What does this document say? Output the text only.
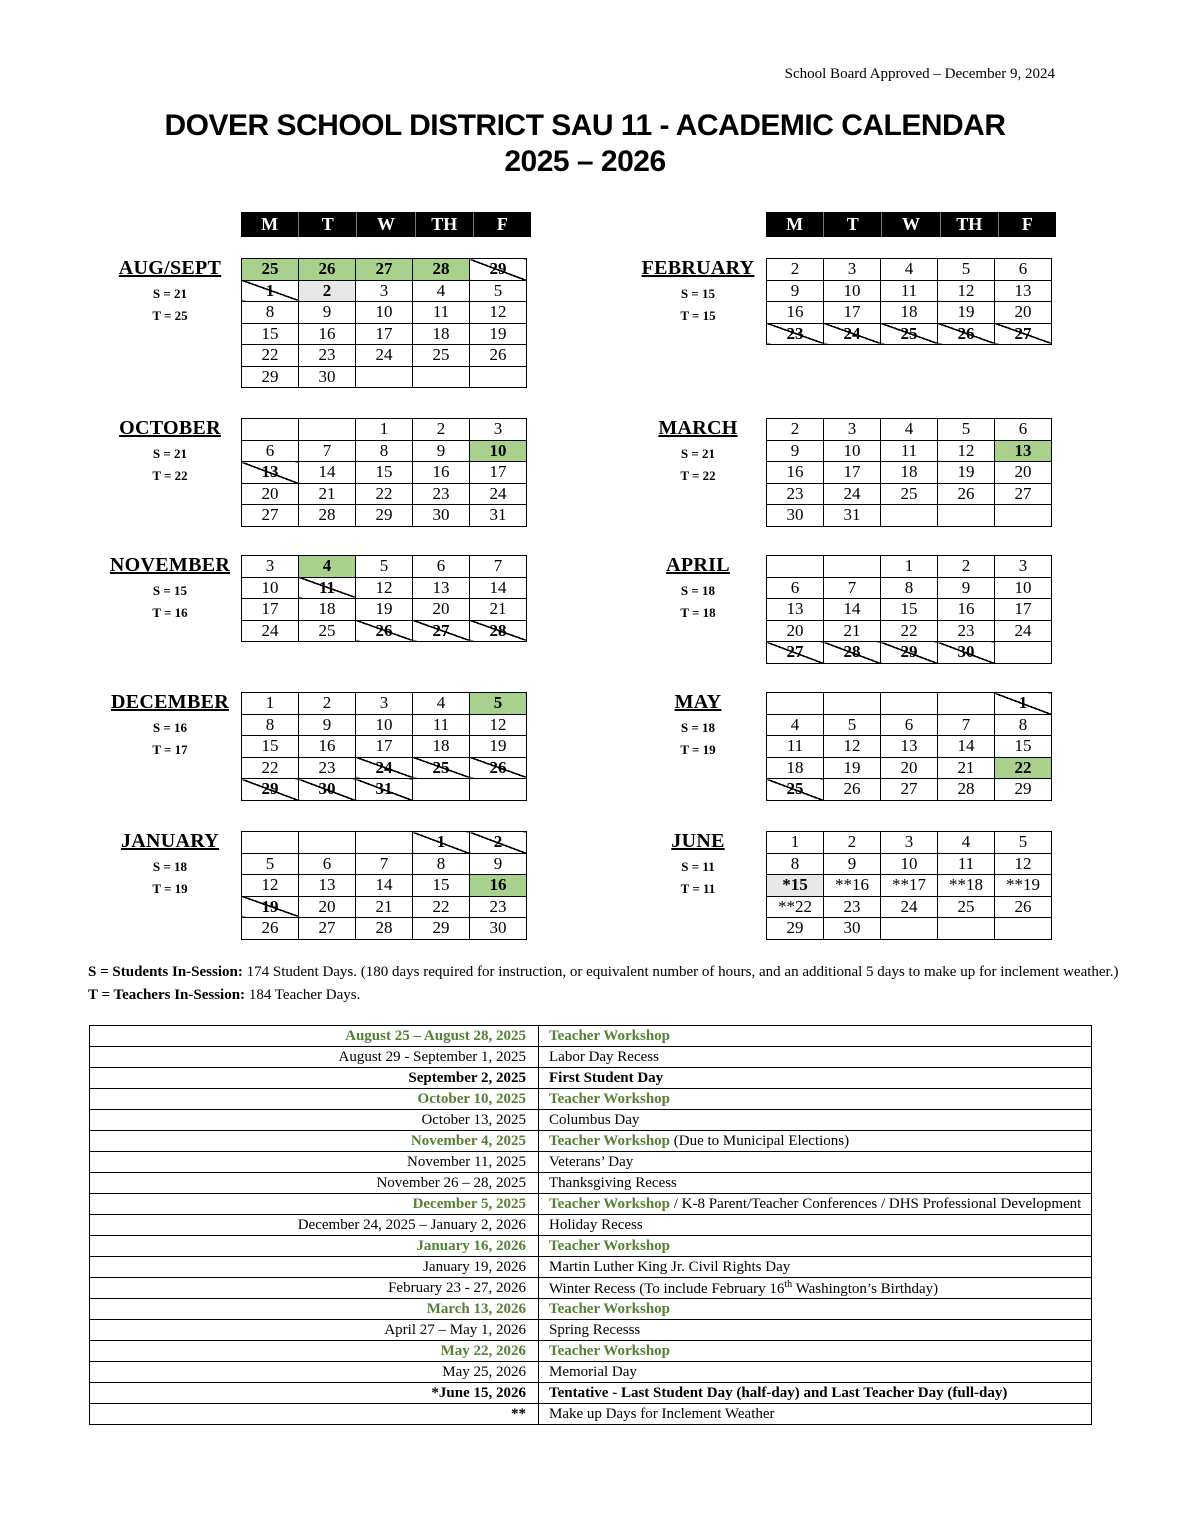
School Board Approved – December 9, 2024
DOVER SCHOOL DISTRICT SAU 11 - ACADEMIC CALENDAR
2025 – 2026
M	T	W	TH	F	M	T	W	TH	F
AUG/SEPT
S = 21
T = 25
25	26	27	28	29
1	2	3	4	5
8	9	10	11	12
15	16	17	18	19
22	23	24	25	26
29	30			
OCTOBER
S = 21
T = 22
		1	2	3
6	7	8	9	10
13	14	15	16	17
20	21	22	23	24
27	28	29	30	31
NOVEMBER
S = 15
T = 16
3	4	5	6	7
10	11	12	13	14
17	18	19	20	21
24	25	26	27	28
DECEMBER
S = 16
T = 17
1	2	3	4	5
8	9	10	11	12
15	16	17	18	19
22	23	24	25	26
29	30	31		
JANUARY
S = 18
T = 19
			1	2
5	6	7	8	9
12	13	14	15	16
19	20	21	22	23
26	27	28	29	30
FEBRUARY
S = 15
T = 15
2	3	4	5	6
9	10	11	12	13
16	17	18	19	20
23	24	25	26	27
MARCH
S = 21
T = 22
2	3	4	5	6
9	10	11	12	13
16	17	18	19	20
23	24	25	26	27
30	31			
APRIL
S = 18
T = 18
		1	2	3
6	7	8	9	10
13	14	15	16	17
20	21	22	23	24
27	28	29	30	
MAY
S = 18
T = 19
				1
4	5	6	7	8
11	12	13	14	15
18	19	20	21	22
25	26	27	28	29
JUNE
S = 11
T = 11
1	2	3	4	5
8	9	10	11	12
*15	**16	**17	**18	**19
**22	23	24	25	26
29	30			
S = Students In-Session: 174 Student Days. (180 days required for instruction, or equivalent number of hours, and an additional 5 days to make up for inclement weather.)
T = Teachers In-Session: 184 Teacher Days.
August 25 – August 28, 2025	Teacher Workshop
August 29 - September 1, 2025	Labor Day Recess
September 2, 2025	First Student Day
October 10, 2025	Teacher Workshop
October 13, 2025	Columbus Day
November 4, 2025	Teacher Workshop (Due to Municipal Elections)
November 11, 2025	Veterans’ Day
November 26 – 28, 2025	Thanksgiving Recess
December 5, 2025	Teacher Workshop / K-8 Parent/Teacher Conferences / DHS Professional Development
December 24, 2025 – January 2, 2026	Holiday Recess
January 16, 2026	Teacher Workshop
January 19, 2026	Martin Luther King Jr. Civil Rights Day
February 23 - 27, 2026	Winter Recess (To include February 16th Washington’s Birthday)
March 13, 2026	Teacher Workshop
April 27 – May 1, 2026	Spring Recesss
May 22, 2026	Teacher Workshop
May 25, 2026	Memorial Day
*June 15, 2026	Tentative - Last Student Day (half-day) and Last Teacher Day (full-day)
**	Make up Days for Inclement Weather
